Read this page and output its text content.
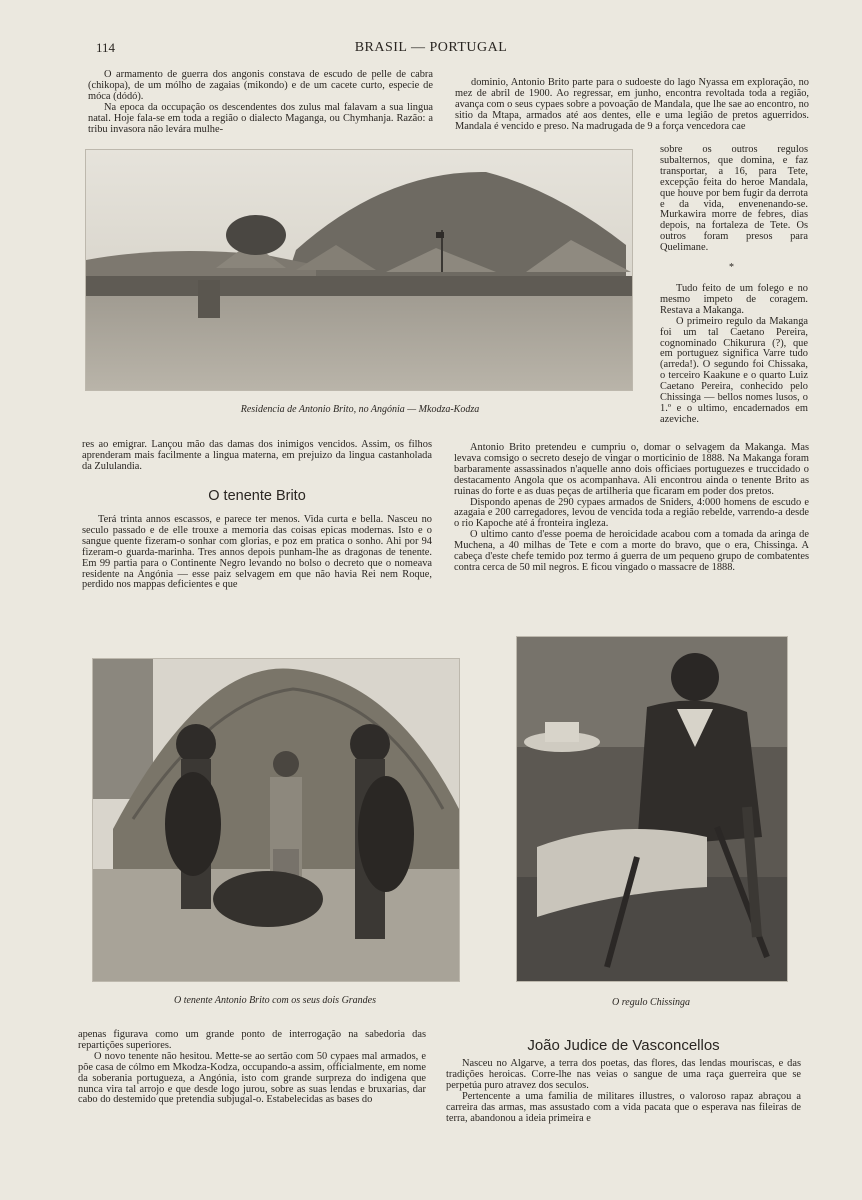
114	BRASIL — PORTUGAL

O armamento de guerra dos angonis constava de escudo de pelle de cabra (chikopa), de um mólho de zagaias (mikondo) e de um cacete curto, especie de móca (dódó).

Na epoca da occupação os descendentes dos zulus mal falavam a sua lingua natal. Hoje fala-se em toda a região o dialecto Maganga, ou Chymhanja. Razão: a tribu invasora não levára mulhe-

dominio, Antonio Brito parte para o sudoeste do lago Nyassa em exploração, no mez de abril de 1900. Ao regressar, em junho, encontra revoltada toda a região, avança com o seus cypaes sobre a povoação de Mandala, que lhe sae ao encontro, no sitio da Mtapa, armados até aos dentes, elle e uma legião de pretos aguerridos. Mandala é vencido e preso. Na madrugada de 9 a força vencedora cae

sobre os outros regulos subalternos, que domina, e faz transportar, a 16, para Tete, excepção feita do heroe Mandala, que houve por bem fugir da derrota e da vida, envenenando-se. Murkawira morre de febres, dias depois, na fortaleza de Tete. Os outros foram presos para Quelimane.

*

Tudo feito de um folego e no mesmo impeto de coragem. Restava a Makanga.

O primeiro regulo da Makanga foi um tal Caetano Pereira, cognominado Chikurura (?), que em portuguez significa Varre tudo (arreda!). O segundo foi Chissaka, o terceiro Kaakune e o quarto Luiz Caetano Pereira, conhecido pelo Chissinga — bellos nomes lusos, o 1.º e o ultimo, encadernados em azeviche.

Residencia de Antonio Brito, no Angónia — Mkodza-Kodza

res ao emigrar. Lançou mão das damas dos inimigos vencidos. Assim, os filhos aprenderam mais facilmente a lingua materna, em prejuizo da lingua castanholada da Zululandia.

O tenente Brito

Terá trinta annos escassos, e parece ter menos. Vida curta e bella. Nasceu no seculo passado e de elle trouxe a memoria das coisas epicas modernas. Isto e o sangue quente fizeram-o sonhar com glorias, e poz em pratica o sonho. Ahi por 94 fizeram-o guarda-marinha. Tres annos depois punham-lhe as dragonas de tenente. Em 99 partia para o Continente Negro levando no bolso o decreto que o nomeava residente na Angónia — esse paiz selvagem em que não havia Rei nem Roque, perdido nos mappas deficientes e que

Antonio Brito pretendeu e cumpriu o, domar o selvagem da Makanga. Mas levava comsigo o secreto desejo de vingar o morticinio de 1888. Na Makanga foram barbaramente assassinados n'aquelle anno dois officiaes portuguezes e truccidado o destacamento Angola que os acompanhava. Ali encontrou ainda o tenente Brito as ruinas do forte e as duas peças de artilheria que ficaram em poder dos pretos.

Dispondo apenas de 290 cypaes armados de Sniders, 4:000 homens de escudo e azagaia e 200 carregadores, levou de vencida toda a região rebelde, varrendo-a desde o rio Kapoche até á fronteira ingleza.

O ultimo canto d'esse poema de heroicidade acabou com a tomada da aringa de Muchena, a 40 milhas de Tete e com a morte do bravo, que o era, Chissinga. A cabeça d'este chefe temido poz termo á guerra de um pequeno grupo de combatentes contra cerca de 50 mil negros. E ficou vingado o massacre de 1888.

O tenente Antonio Brito com os seus dois Grandes	O regulo Chissinga

apenas figurava como um grande ponto de interrogação na sabedoria das repartições superiores.

O novo tenente não hesitou. Mette-se ao sertão com 50 cypaes mal armados, e põe casa de cólmo em Mkodza-Kodza, occupando-a assim, officialmente, em nome da soberania portugueza, a Angónia, isto com grande surpreza do indigena que nunca vira tal arrojo e que desde logo jurou, sobre as suas lendas e bruxarias, dar cabo do destemido que pretendia subjugal-o. Estabelecidas as bases do

João Judice de Vasconcellos

Nasceu no Algarve, a terra dos poetas, das flores, das lendas mouriscas, e das tradições heroicas. Corre-lhe nas veias o sangue de uma raça guerreira que se perpetúa puro atravez dos seculos.

Pertencente a uma familia de militares illustres, o valoroso rapaz abraçou a carreira das armas, mas assustado com a vida pacata que o esperava nas fileiras de terra, abandonou a ideia primeira e
